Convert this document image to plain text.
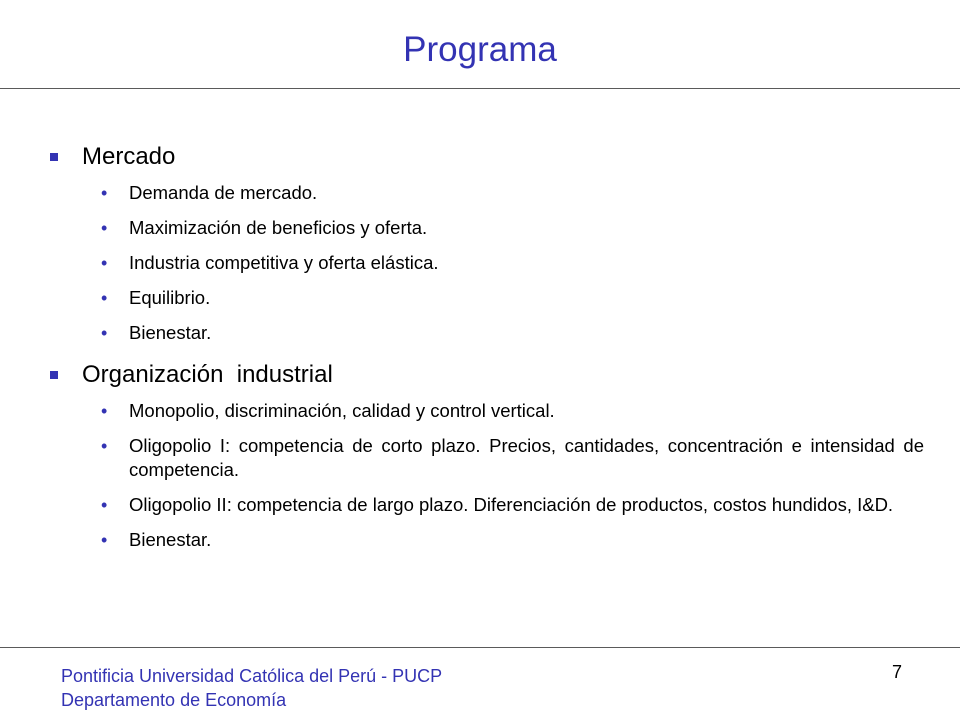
Programa
Mercado
• Demanda de mercado.
• Maximización de beneficios y oferta.
• Industria competitiva y oferta elástica.
• Equilibrio.
• Bienestar.
Organización  industrial
• Monopolio, discriminación, calidad y control vertical.
• Oligopolio I: competencia de corto plazo. Precios, cantidades, concentración e intensidad de competencia.
• Oligopolio II: competencia de largo plazo. Diferenciación de productos, costos hundidos, I&D.
• Bienestar.
Pontificia Universidad Católica del Perú - PUCP
Departamento de Economía
7
